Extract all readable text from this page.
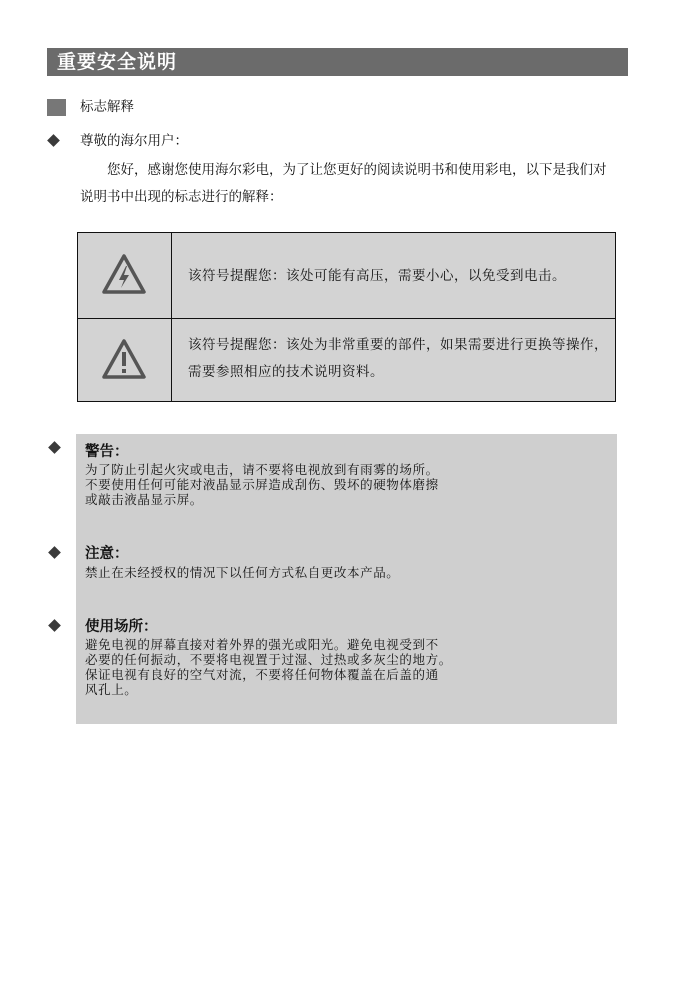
重要安全说明
标志解释
尊敬的海尔用户：
您好，感谢您使用海尔彩电，为了让您更好的阅读说明书和使用彩电，以下是我们对说明书中出现的标志进行的解释：
该符号提醒您：该处可能有高压，需要小心，以免受到电击。
该符号提醒您：该处为非常重要的部件，如果需要进行更换等操作，需要参照相应的技术说明资料。
警告：
为了防止引起火灾或电击，请不要将电视放到有雨雾的场所。
不要使用任何可能对液晶显示屏造成刮伤、毁坏的硬物体磨擦
或敲击液晶显示屏。
注意：
禁止在未经授权的情况下以任何方式私自更改本产品。
使用场所：
避免电视的屏幕直接对着外界的强光或阳光。避免电视受到不
必要的任何振动，不要将电视置于过湿、过热或多灰尘的地方。
保证电视有良好的空气对流，不要将任何物体覆盖在后盖的通
风孔上。
